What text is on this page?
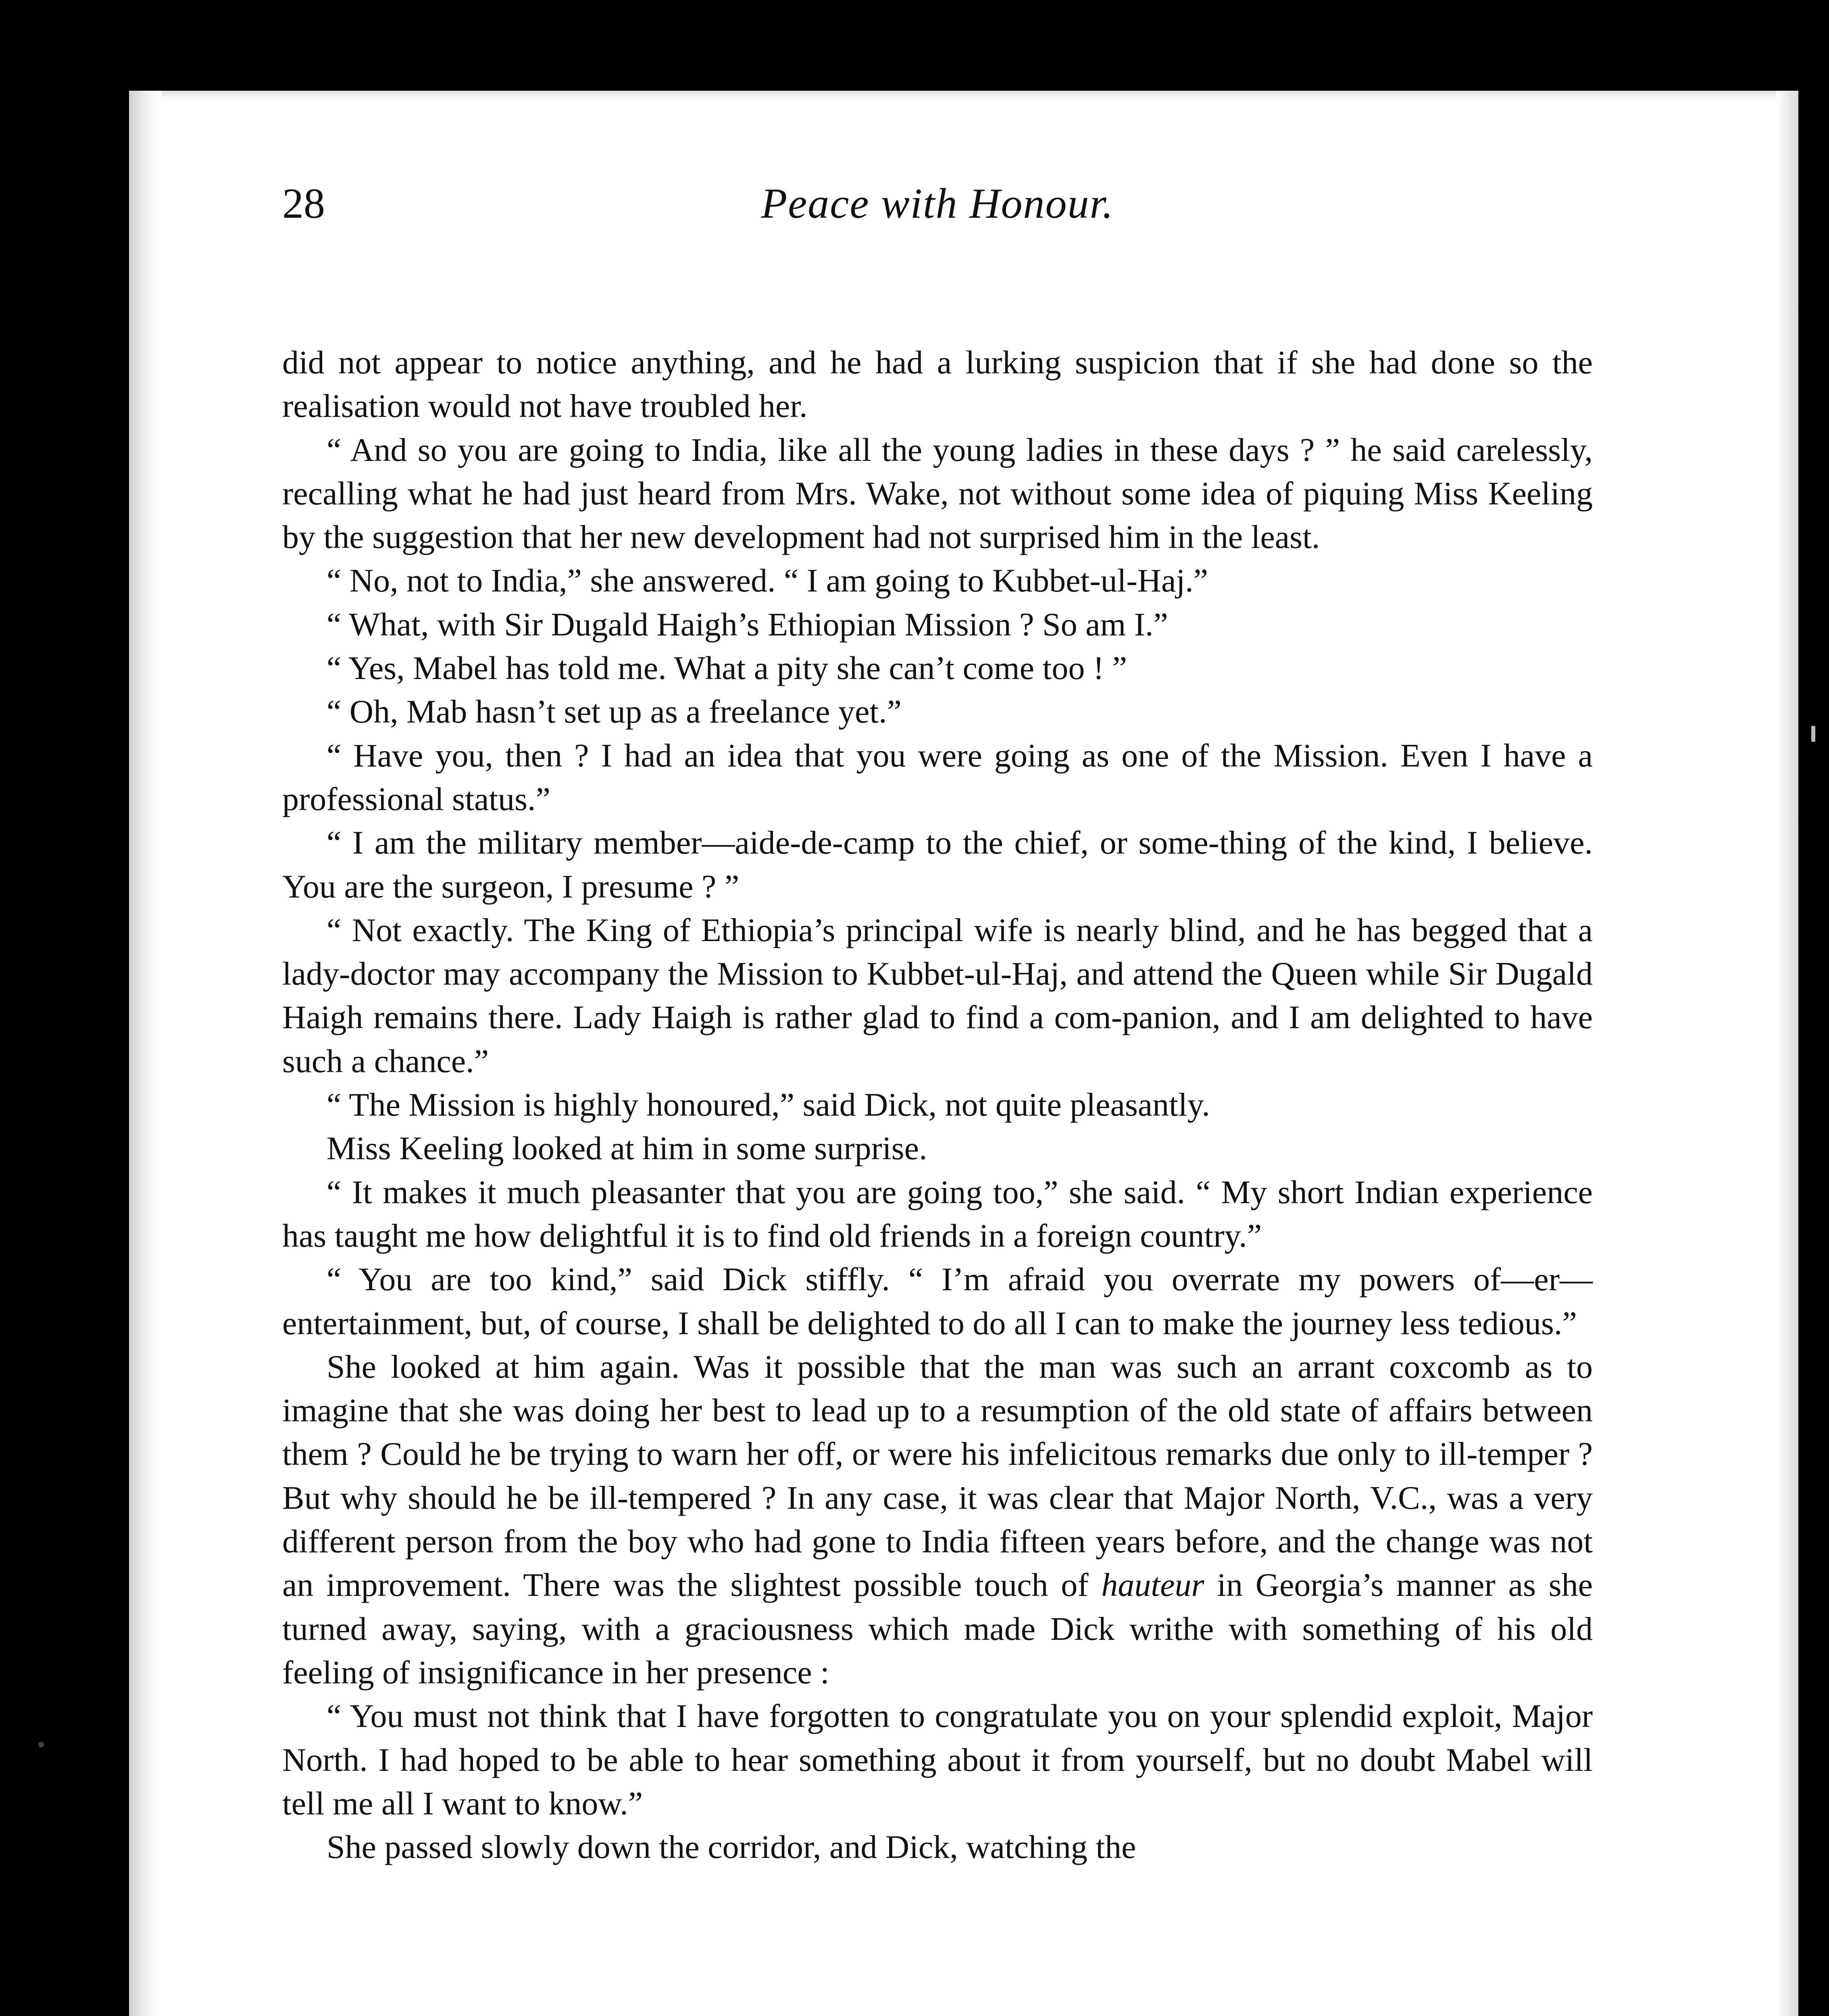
28	Peace with Honour.

did not appear to notice anything, and he had a lurking suspicion that if she had done so the realisation would not have troubled her.

“ And so you are going to India, like all the young ladies in these days ? ” he said carelessly, recalling what he had just heard from Mrs. Wake, not without some idea of piquing Miss Keeling by the suggestion that her new development had not surprised him in the least.

“ No, not to India,” she answered. “ I am going to Kubbet-ul-Haj.”

“ What, with Sir Dugald Haigh’s Ethiopian Mission ? So am I.”

“ Yes, Mabel has told me. What a pity she can’t come too ! ”

“ Oh, Mab hasn’t set up as a freelance yet.”

“ Have you, then ? I had an idea that you were going as one of the Mission. Even I have a professional status.”

“ I am the military member—aide-de-camp to the chief, or some-thing of the kind, I believe. You are the surgeon, I presume ? ”

“ Not exactly. The King of Ethiopia’s principal wife is nearly blind, and he has begged that a lady-doctor may accompany the Mission to Kubbet-ul-Haj, and attend the Queen while Sir Dugald Haigh remains there. Lady Haigh is rather glad to find a com-panion, and I am delighted to have such a chance.”

“ The Mission is highly honoured,” said Dick, not quite pleasantly.

Miss Keeling looked at him in some surprise.

“ It makes it much pleasanter that you are going too,” she said. “ My short Indian experience has taught me how delightful it is to find old friends in a foreign country.”

“ You are too kind,” said Dick stiffly. “ I’m afraid you overrate my powers of—er—entertainment, but, of course, I shall be delighted to do all I can to make the journey less tedious.”

She looked at him again. Was it possible that the man was such an arrant coxcomb as to imagine that she was doing her best to lead up to a resumption of the old state of affairs between them ? Could he be trying to warn her off, or were his infelicitous remarks due only to ill-temper ? But why should he be ill-tempered ? In any case, it was clear that Major North, V.C., was a very different person from the boy who had gone to India fifteen years before, and the change was not an improvement. There was the slightest possible touch of hauteur in Georgia’s manner as she turned away, saying, with a graciousness which made Dick writhe with something of his old feeling of insignificance in her presence :

“ You must not think that I have forgotten to congratulate you on your splendid exploit, Major North. I had hoped to be able to hear something about it from yourself, but no doubt Mabel will tell me all I want to know.”

She passed slowly down the corridor, and Dick, watching the
